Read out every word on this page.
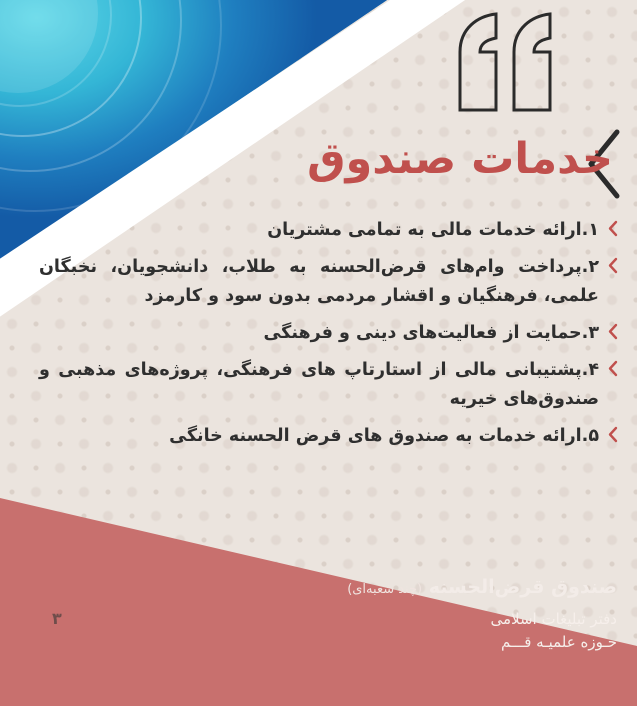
خدمات صندوق
۱.ارائه خدمات مالی به تمامی مشتریان
۲.پرداخت وام‌های قرض‌الحسنه به طلاب، دانشجویان، نخبگان علمی، فرهنگیان و اقشار مردمی بدون سود و کارمزد
۳.حمایت از فعالیت‌های دینی و فرهنگی
۴.پشتیبانی مالی از استارتاپ های فرهنگی، پروژه‌های مذهبی و صندوق‌های خیریه
۵.ارائه خدمات به صندوق های قرض الحسنه خانگی
صندوق قرض‌الحسنه (چند شعبه‌ای)
دفتر تبلیغات اسلامی
حـوزه علمیـه قـــم
۳
